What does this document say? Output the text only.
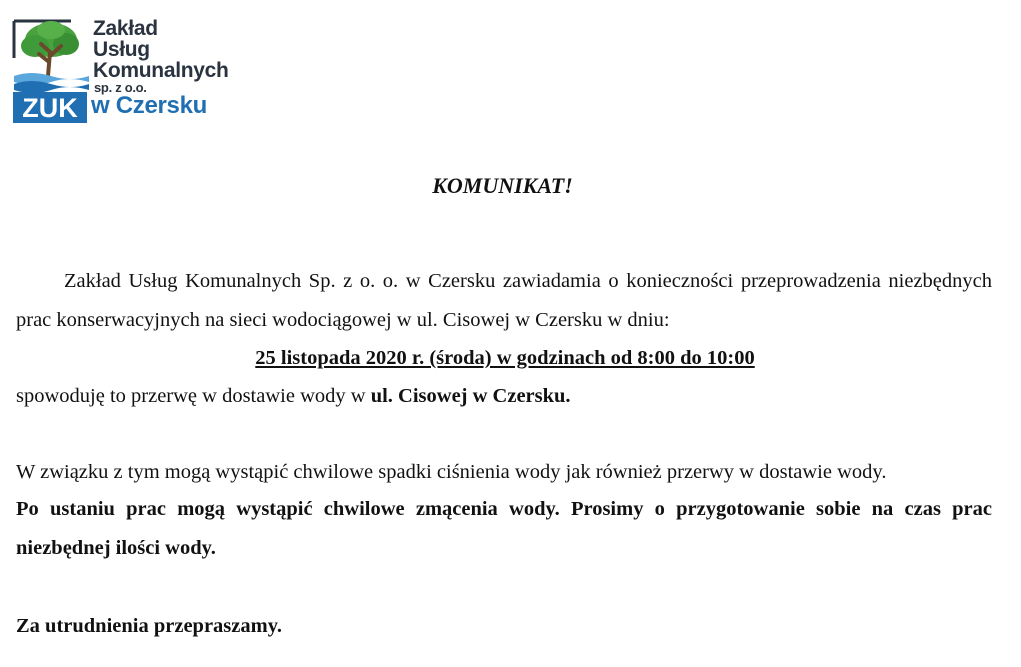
ZUK
Zakład
Usług
Komunalnych
sp. z o.o.
w Czersku
KOMUNIKAT!
Zakład Usług Komunalnych Sp. z o. o. w Czersku zawiadamia o konieczności przeprowadzenia niezbędnych prac konserwacyjnych na sieci wodociągowej w ul. Cisowej w Czersku w dniu:
25 listopada 2020 r. (środa) w godzinach od 8:00 do 10:00
spowoduję to przerwę w dostawie wody w ul. Cisowej w Czersku.
W związku z tym mogą wystąpić chwilowe spadki ciśnienia wody jak również przerwy w dostawie wody.
Po ustaniu prac mogą wystąpić chwilowe zmącenia wody. Prosimy o przygotowanie sobie na czas prac niezbędnej ilości wody.
Za utrudnienia przepraszamy.
